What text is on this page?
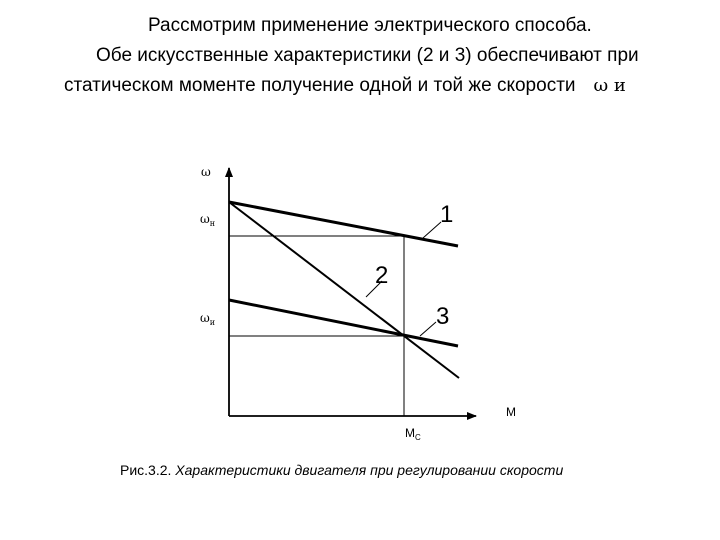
Рассмотрим применение электрического способа.
Обе искусственные характеристики (2 и 3) обеспечивают при
статическом моменте получение одной и той же скорости ω и
ω
$\omega_н$
$\omega_и$
M
$M_C$
1
2
3
Рис.3.2. Характеристики двигателя при регулировании скорости
